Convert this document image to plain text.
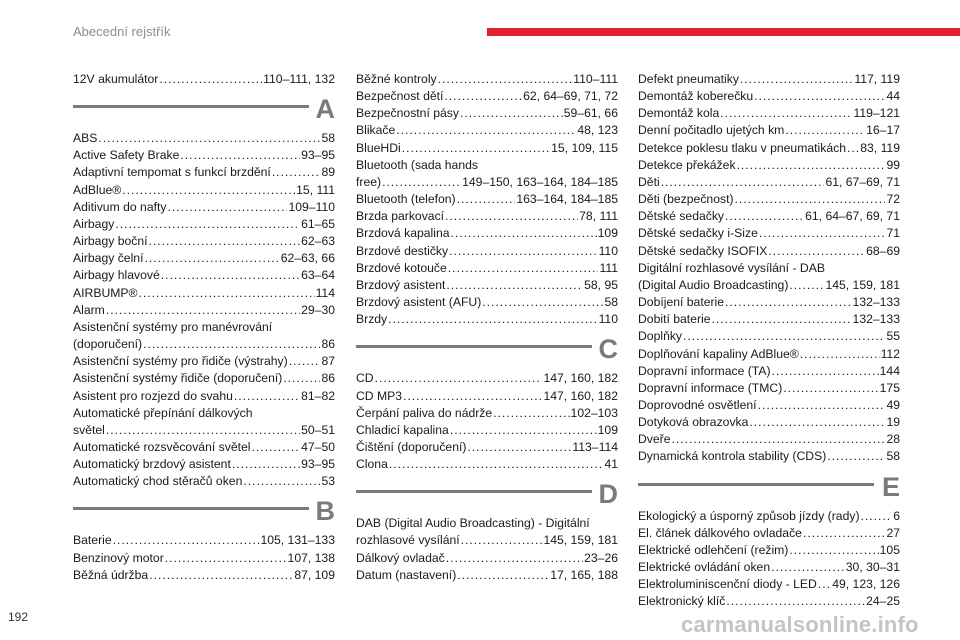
Abecední rejstřík
12V akumulátor . . .	110–111, 132
A
ABS . . .	58
Active Safety Brake . . .	93–95
Adaptivní tempomat s funkcí brzdění . . .	89
AdBlue® . . .	15, 111
Aditivum do nafty . . .	109–110
Airbagy . . .	61–65
Airbagy boční . . .	62–63
Airbagy čelní . . .	62–63, 66
Airbagy hlavové . . .	63–64
AIRBUMP® . . .	114
Alarm . . .	29–30
Asistenční systémy pro manévrování
(doporučení) . . .	86
Asistenční systémy pro řidiče (výstrahy) . . .	87
Asistenční systémy řidiče (doporučení) . . .	86
Asistent pro rozjezd do svahu . . .	81–82
Automatické přepínání dálkových
světel . . .	50–51
Automatické rozsvěcování světel . . .	47–50
Automatický brzdový asistent . . .	93–95
Automatický chod stěračů oken . . .	53
B
Baterie . . .	105, 131–133
Benzinový motor . . .	107, 138
Běžná údržba . . .	87, 109
Běžné kontroly . . .	110–111
Bezpečnost dětí . . .	62, 64–69, 71, 72
Bezpečnostní pásy . . .	59–61, 66
Blikače . . .	48, 123
BlueHDi . . .	15, 109, 115
Bluetooth (sada hands
free) . . .	149–150, 163–164, 184–185
Bluetooth (telefon) . . .	163–164, 184–185
Brzda parkovací . . .	78, 111
Brzdová kapalina . . .	109
Brzdové destičky . . .	110
Brzdové kotouče . . .	111
Brzdový asistent . . .	58, 95
Brzdový asistent (AFU) . . .	58
Brzdy . . .	110
C
CD . . .	147, 160, 182
CD MP3 . . .	147, 160, 182
Čerpání paliva do nádrže . . .	102–103
Chladicí kapalina . . .	109
Čištění (doporučení) . . .	113–114
Clona . . .	41
D
DAB (Digital Audio Broadcasting) - Digitální
rozhlasové vysílání . . .	145, 159, 181
Dálkový ovladač . . .	23–26
Datum (nastavení) . . .	17, 165, 188
Defekt pneumatiky . . .	117, 119
Demontáž koberečku . . .	44
Demontáž kola . . .	119–121
Denní počitadlo ujetých km . . .	16–17
Detekce poklesu tlaku v pneumatikách . . . 83, 119
Detekce překážek . . .	99
Děti . . .	61, 67–69, 71
Děti (bezpečnost) . . .	72
Dětské sedačky . . .	61, 64–67, 69, 71
Dětské sedačky i-Size . . .	71
Dětské sedačky ISOFIX . . .	68–69
Digitální rozhlasové vysílání - DAB
(Digital Audio Broadcasting) . . .	145, 159, 181
Dobíjení baterie . . .	132–133
Dobití baterie . . .	132–133
Doplňky . . .	55
Doplňování kapaliny AdBlue® . . .	112
Dopravní informace (TA) . . .	144
Dopravní informace (TMC) . . .	175
Doprovodné osvětlení . . .	49
Dotyková obrazovka . . .	19
Dveře . . .	28
Dynamická kontrola stability (CDS) . . .	58
E
Ekologický a úsporný způsob jízdy (rady) . . .	6
El. článek dálkového ovladače . . .	27
Elektrické odlehčení (režim) . . .	105
Elektrické ovládání oken . . .	30, 30–31
Elektroluminiscenční diody - LED . . . 49, 123, 126
Elektronický klíč . . .	24–25
192	carmanualsonline.info
